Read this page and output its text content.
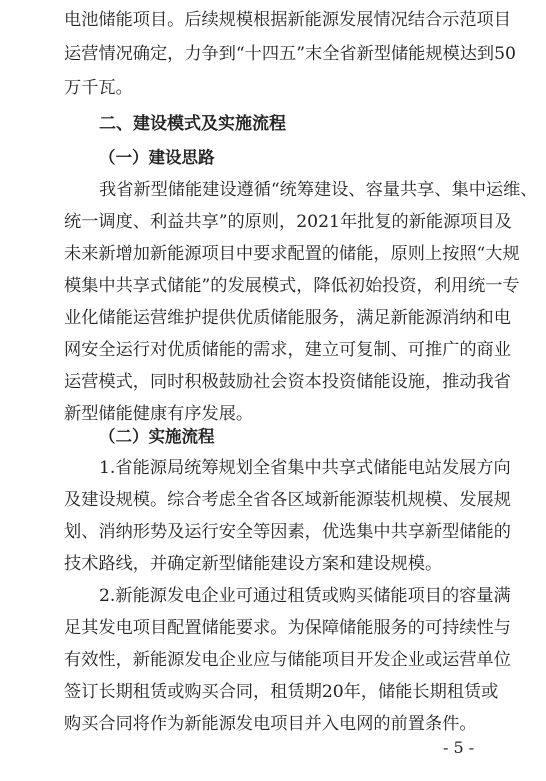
电池储能项目。后续规模根据新能源发展情况结合示范项目
运营情况确定，力争到“十四五”末全省新型储能规模达到50
万千瓦。
二、建设模式及实施流程
（一）建设思路
我省新型储能建设遵循“统筹建设、容量共享、集中运维、
统一调度、利益共享”的原则，2021年批复的新能源项目及
未来新增加新能源项目中要求配置的储能，原则上按照“大规
模集中共享式储能”的发展模式，降低初始投资，利用统一专
业化储能运营维护提供优质储能服务，满足新能源消纳和电
网安全运行对优质储能的需求，建立可复制、可推广的商业
运营模式，同时积极鼓励社会资本投资储能设施，推动我省
新型储能健康有序发展。
（二）实施流程
1.省能源局统筹规划全省集中共享式储能电站发展方向
及建设规模。综合考虑全省各区域新能源装机规模、发展规
划、消纳形势及运行安全等因素，优选集中共享新型储能的
技术路线，并确定新型储能建设方案和建设规模。
2.新能源发电企业可通过租赁或购买储能项目的容量满
足其发电项目配置储能要求。为保障储能服务的可持续性与
有效性，新能源发电企业应与储能项目开发企业或运营单位
签订长期租赁或购买合同，租赁期20年，储能长期租赁或
购买合同将作为新能源发电项目并入电网的前置条件。
- 5 -
